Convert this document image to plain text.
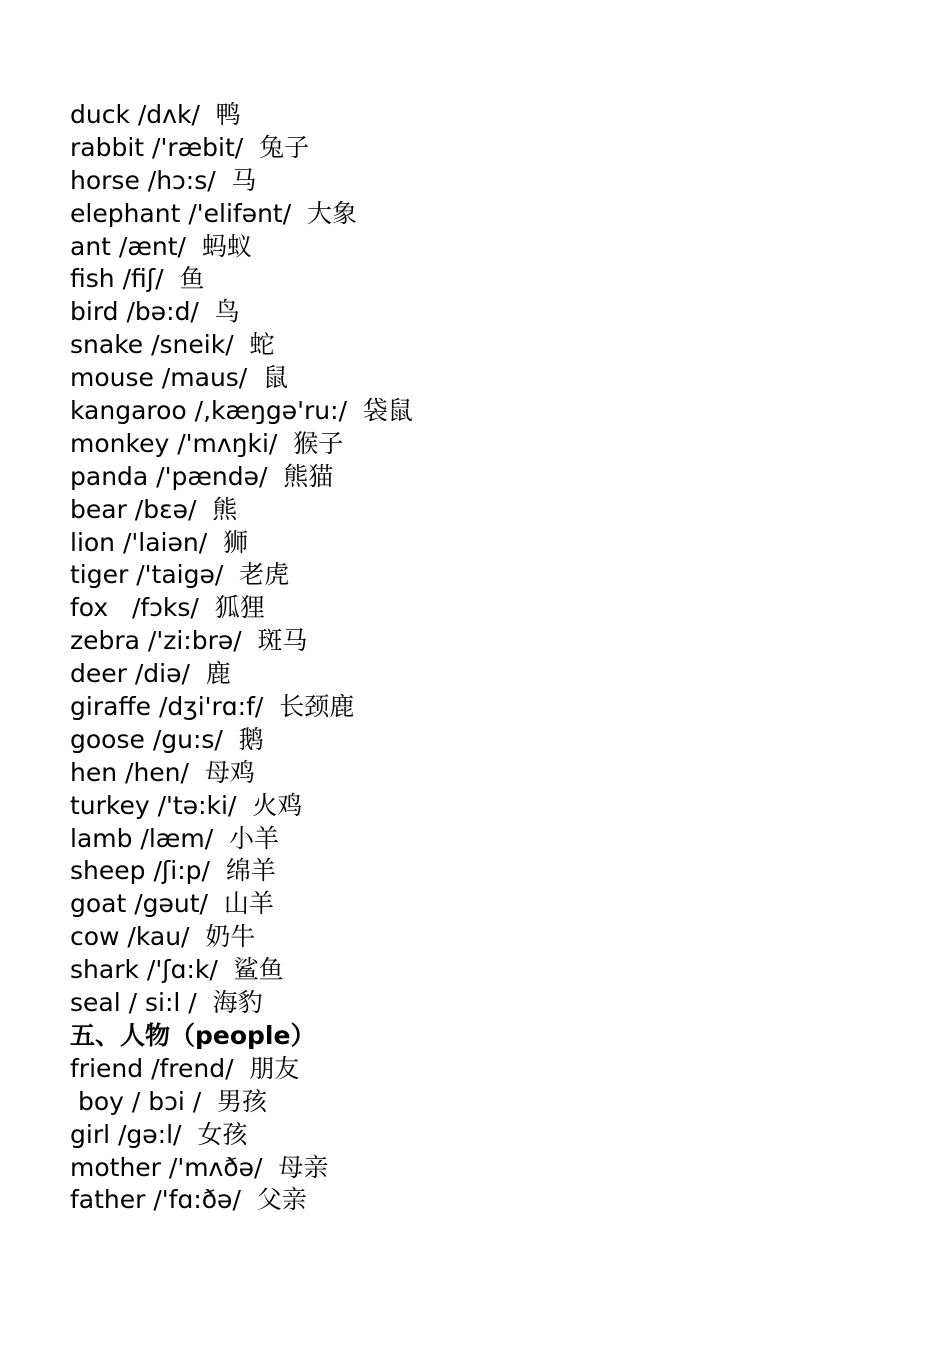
duck /dʌk/  鸭
rabbit /'ræbit/  兔子
horse /hɔ:s/  马
elephant /'elifənt/  大象
ant /ænt/  蚂蚁
fish /fiʃ/  鱼
bird /bə:d/  鸟
snake /sneik/  蛇
mouse /maus/  鼠
kangaroo /,kæŋgə'ru:/  袋鼠
monkey /'mʌŋki/  猴子
panda /'pændə/  熊猫
bear /bɛə/  熊
lion /'laiən/  狮
tiger /'taigə/  老虎
fox   /fɔks/  狐狸
zebra /'zi:brə/  斑马
deer /diə/  鹿
giraffe /dʒi'rɑ:f/  长颈鹿
goose /gu:s/  鹅
hen /hen/  母鸡
turkey /'tə:ki/  火鸡
lamb /læm/  小羊
sheep /ʃi:p/  绵羊
goat /gəut/  山羊
cow /kau/  奶牛
shark /'ʃɑ:k/  鲨鱼
seal / si:l /  海豹
五、人物（people）
friend /frend/  朋友
boy / bɔi /  男孩
girl /gə:l/  女孩
mother /'mʌðə/  母亲
father /'fɑ:ðə/  父亲
